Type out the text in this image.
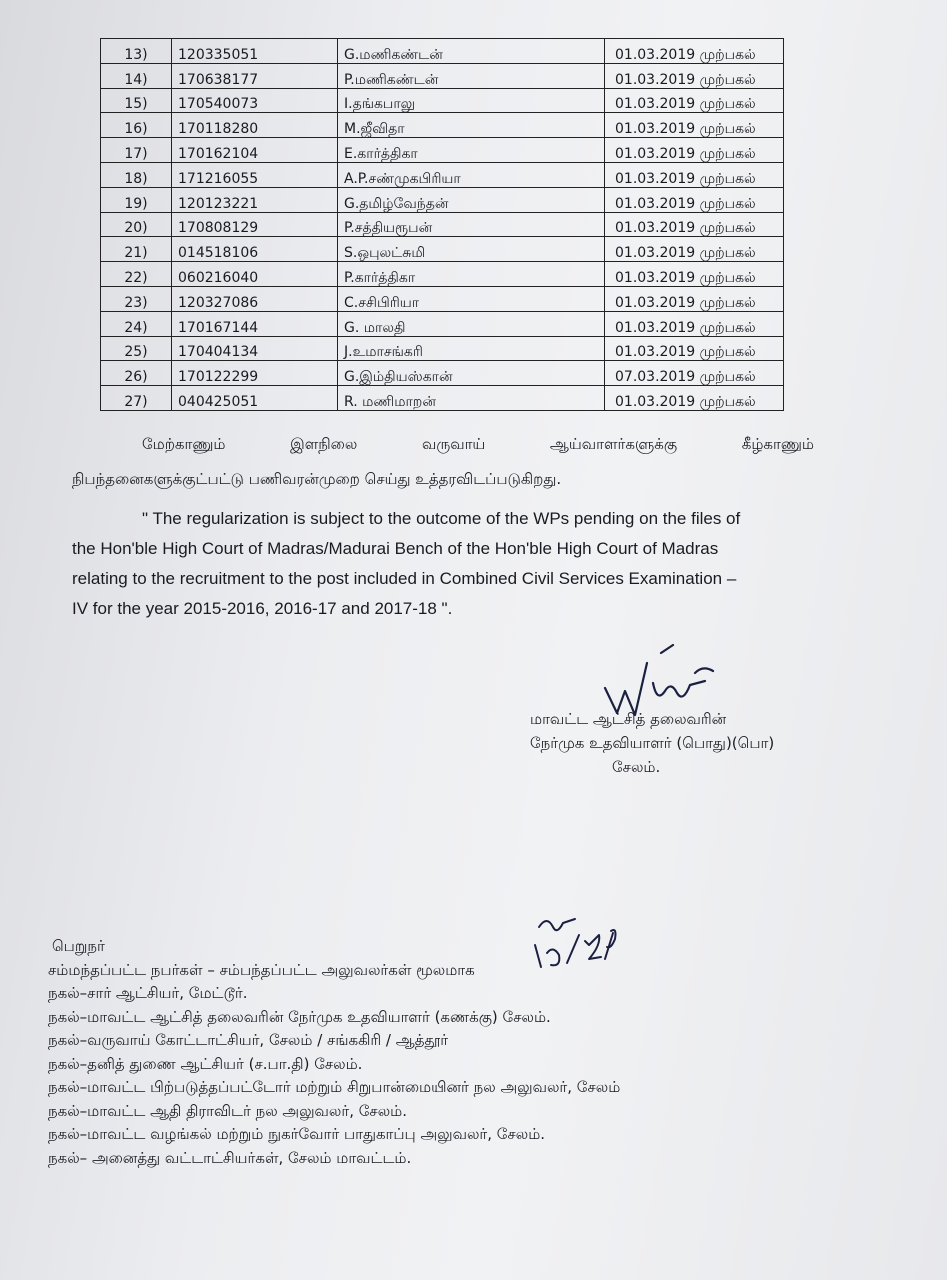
13)	120335051	G.மணிகண்டன்	01.03.2019 முற்பகல்
14)	170638177	P.மணிகண்டன்	01.03.2019 முற்பகல்
15)	170540073	I.தங்கபாலு	01.03.2019 முற்பகல்
16)	170118280	M.ஜீவிதா	01.03.2019 முற்பகல்
17)	170162104	E.கார்த்திகா	01.03.2019 முற்பகல்
18)	171216055	A.P.சண்முகபிரியா	01.03.2019 முற்பகல்
19)	120123221	G.தமிழ்வேந்தன்	01.03.2019 முற்பகல்
20)	170808129	P.சத்தியரூபன்	01.03.2019 முற்பகல்
21)	014518106	S.ஒபுலட்சுமி	01.03.2019 முற்பகல்
22)	060216040	P.கார்த்திகா	01.03.2019 முற்பகல்
23)	120327086	C.சசிபிரியா	01.03.2019 முற்பகல்
24)	170167144	G. மாலதி	01.03.2019 முற்பகல்
25)	170404134	J.உமாசங்கரி	01.03.2019 முற்பகல்
26)	170122299	G.இம்தியஸ்கான்	07.03.2019 முற்பகல்
27)	040425051	R. மணிமாறன்	01.03.2019 முற்பகல்
மேற்காணும்	இளநிலை	வருவாய்	ஆய்வாளர்களுக்கு	கீழ்காணும்
நிபந்தனைகளுக்குட்பட்டு பணிவரன்முறை செய்து உத்தரவிடப்படுகிறது.
" The regularization is subject to the outcome of the WPs pending on the files of
the Hon'ble High Court of Madras/Madurai Bench of the Hon'ble High Court of Madras
relating to the recruitment to the post included in Combined Civil Services Examination –
IV for the year 2015-2016, 2016-17 and 2017-18 ".
மாவட்ட ஆட்சித் தலைவரின்
நேர்முக உதவியாளர் (பொது)(பொ)
சேலம்.
பெறுநர்
சம்மந்தப்பட்ட நபர்கள் – சம்பந்தப்பட்ட அலுவலர்கள் மூலமாக
நகல்–சார் ஆட்சியர், மேட்டூர்.
நகல்–மாவட்ட ஆட்சித் தலைவரின் நேர்முக உதவியாளர் (கணக்கு) சேலம்.
நகல்–வருவாய் கோட்டாட்சியர், சேலம் / சங்ககிரி / ஆத்தூர்
நகல்–தனித் துணை ஆட்சியர் (ச.பா.தி) சேலம்.
நகல்–மாவட்ட பிற்படுத்தப்பட்டோர் மற்றும் சிறுபான்மையினர் நல அலுவலர், சேலம்
நகல்–மாவட்ட ஆதி திராவிடர் நல அலுவலர், சேலம்.
நகல்–மாவட்ட வழங்கல் மற்றும் நுகர்வோர் பாதுகாப்பு அலுவலர், சேலம்.
நகல்– அனைத்து வட்டாட்சியர்கள், சேலம் மாவட்டம்.
